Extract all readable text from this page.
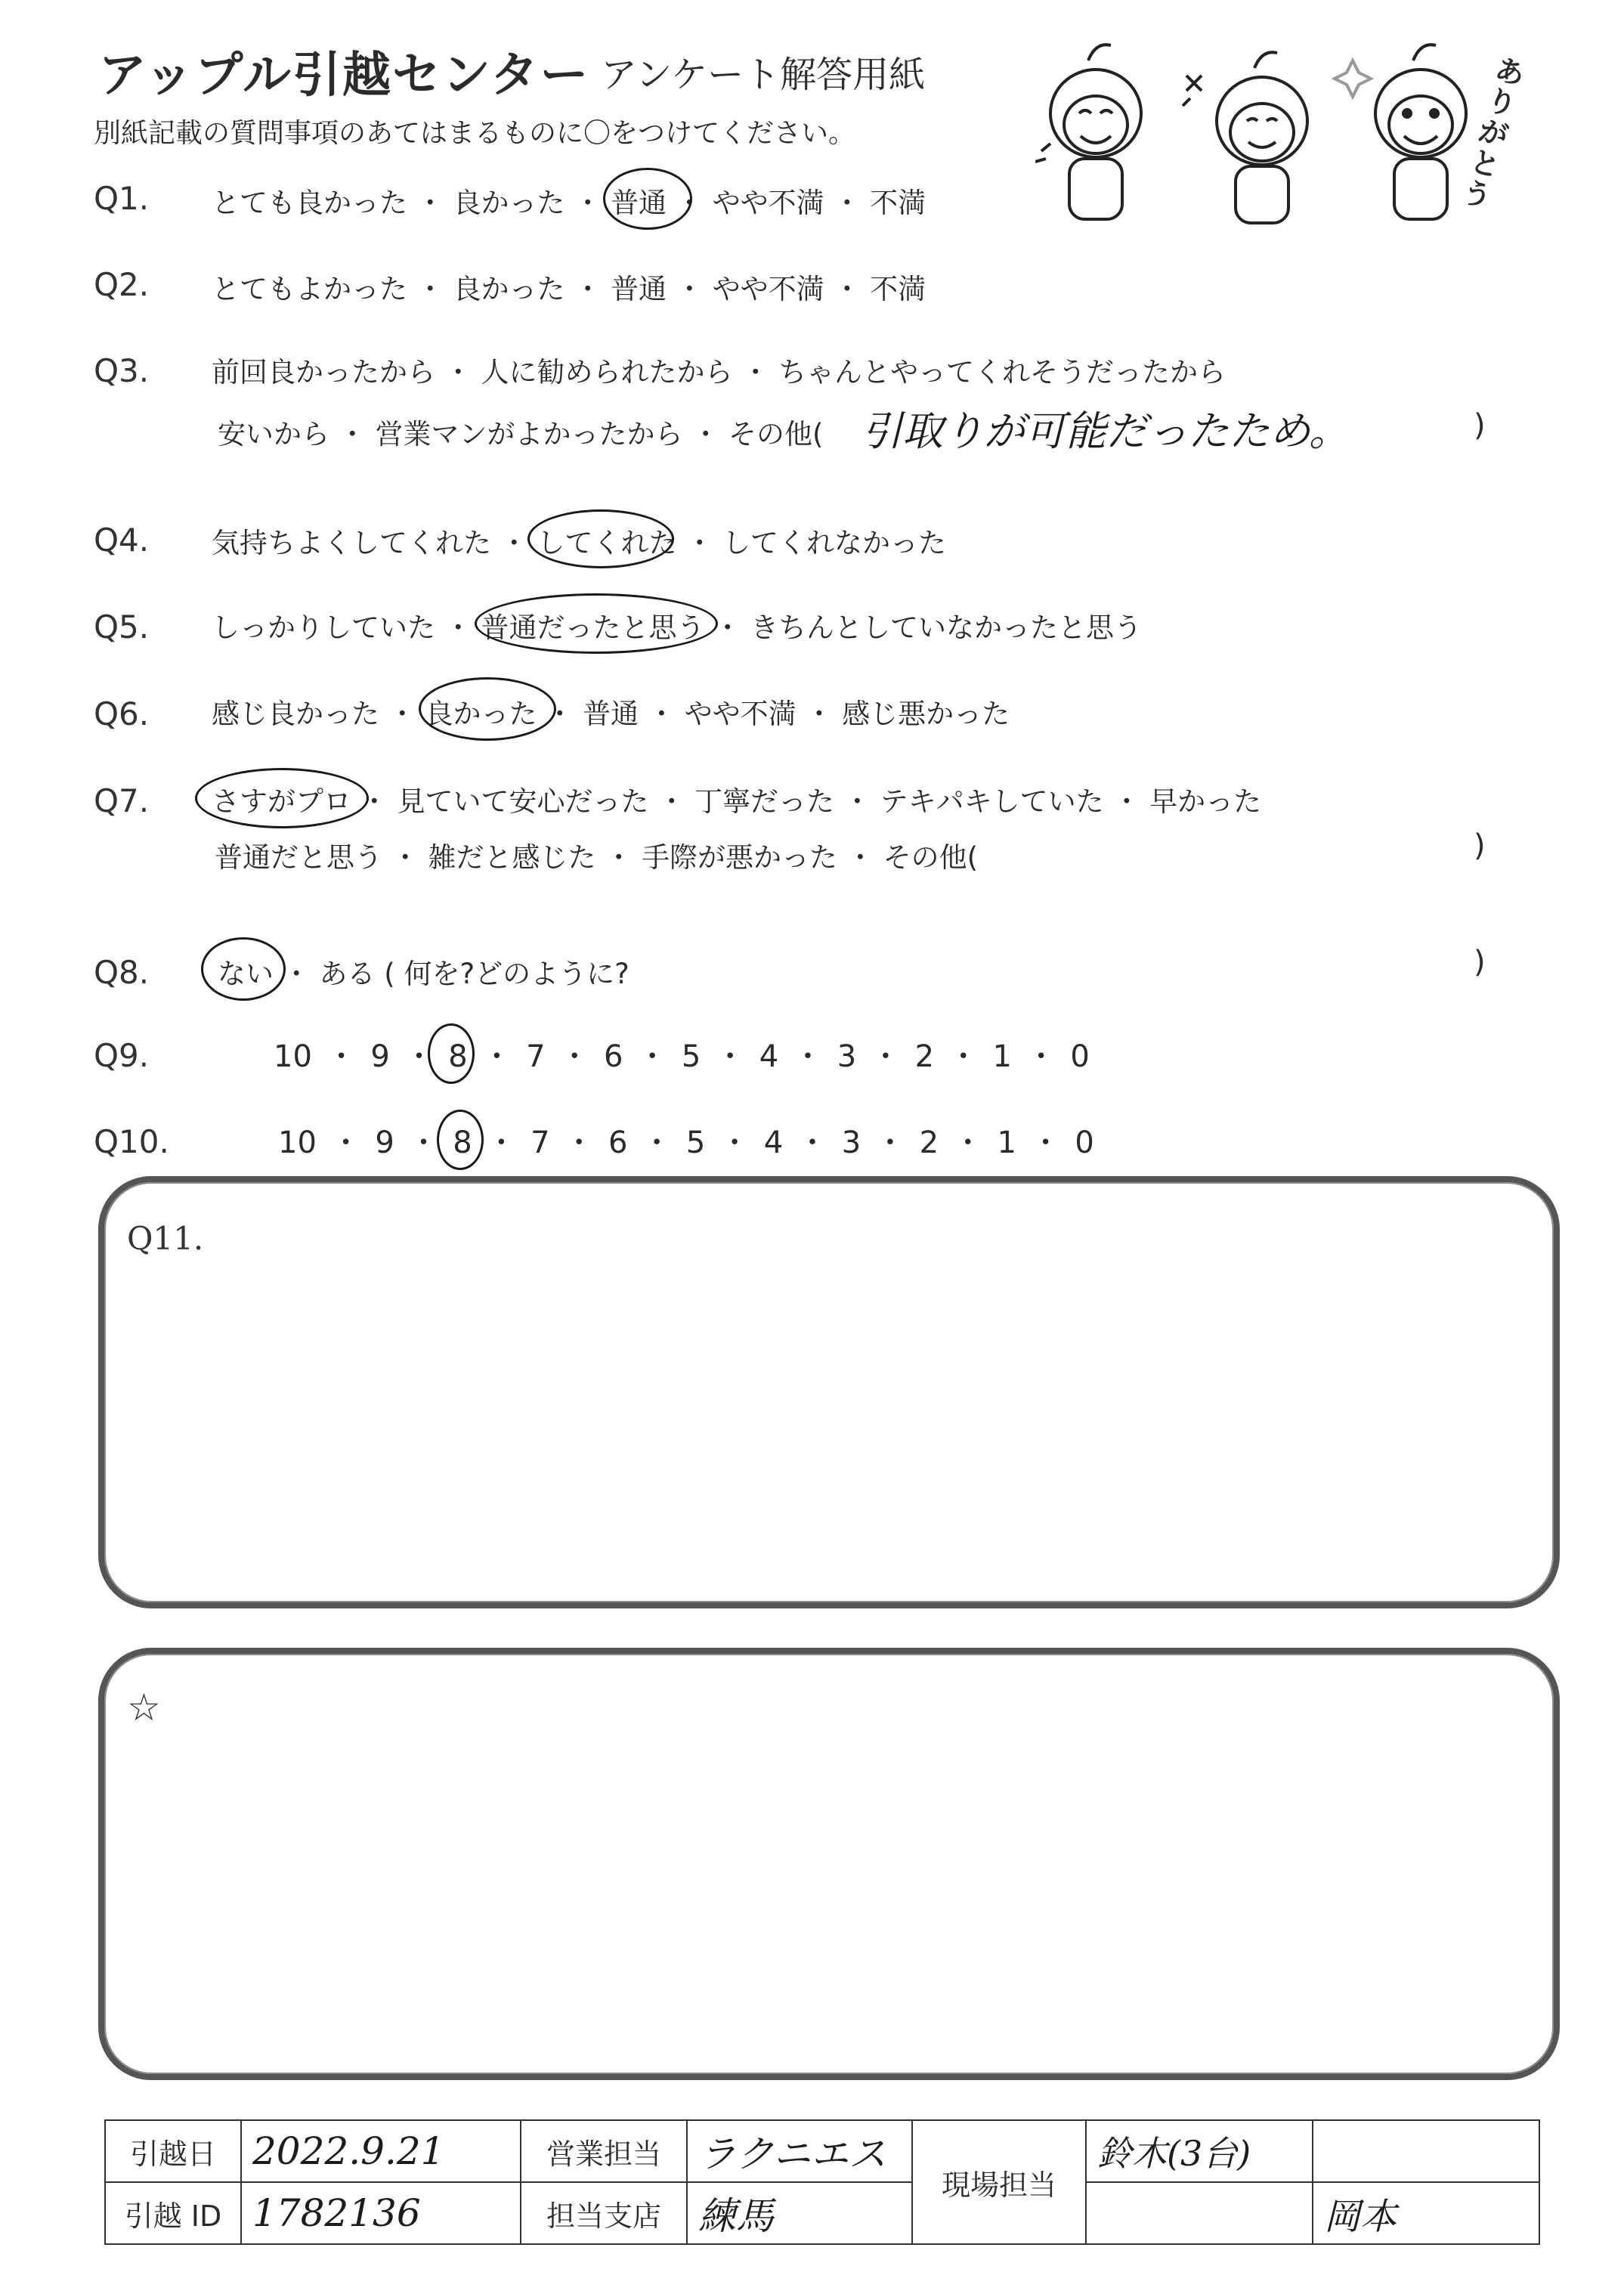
アップル引越センター アンケート解答用紙
別紙記載の質問事項のあてはまるものに〇をつけてください。
ありがとう
Q1. とても良かった ・ 良かった ・ 普通 ・ やや不満 ・ 不満
Q2. とてもよかった ・ 良かった ・ 普通 ・ やや不満 ・ 不満
Q3. 前回良かったから ・ 人に勧められたから ・ ちゃんとやってくれそうだったから
安いから ・ 営業マンがよかったから ・ その他( 引取りが可能だったため。	)
Q4. 気持ちよくしてくれた ・ してくれた ・ してくれなかった
Q5. しっかりしていた ・ 普通だったと思う ・ きちんとしていなかったと思う
Q6. 感じ良かった ・ 良かった ・ 普通 ・ やや不満 ・ 感じ悪かった
Q7. さすがプロ ・ 見ていて安心だった ・ 丁寧だった ・ テキパキしていた ・ 早かった
普通だと思う ・ 雑だと感じた ・ 手際が悪かった ・ その他(	)
Q8. ない ・ ある ( 何を?どのように?	)
Q9.	10 ・ 9 ・ 8 ・ 7 ・ 6 ・ 5 ・ 4 ・ 3 ・ 2 ・ 1 ・ 0
Q10.	10 ・ 9 ・ 8 ・ 7 ・ 6 ・ 5 ・ 4 ・ 3 ・ 2 ・ 1 ・ 0
Q11.
☆
引越日	2022.9.21	営業担当	ラクニエス	現場担当	鈴木(3台)	
引越 ID	1782136	担当支店	練馬			岡本
